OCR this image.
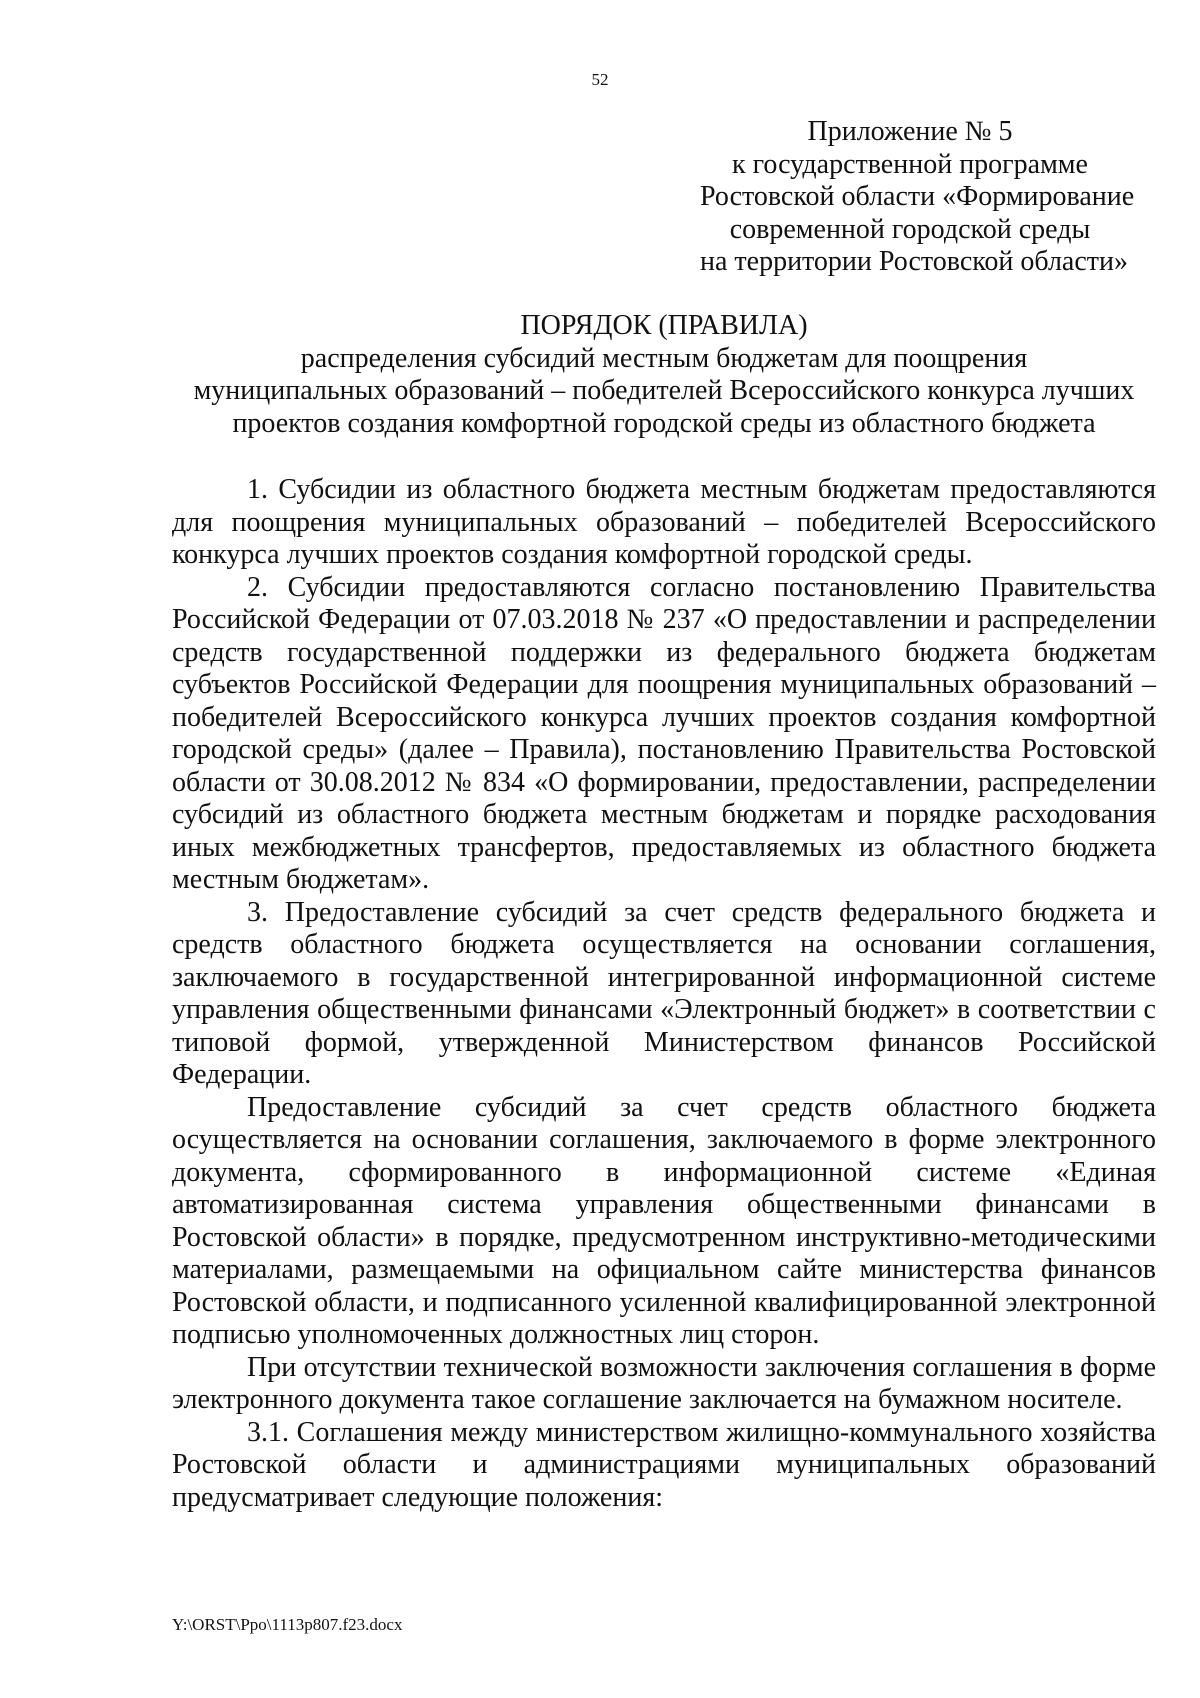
52
Приложение № 5
к государственной программе
Ростовской области «Формирование
современной городской среды
на территории Ростовской области»
ПОРЯДОК (ПРАВИЛА)
распределения субсидий местным бюджетам для поощрения
муниципальных образований – победителей Всероссийского конкурса лучших
проектов создания комфортной городской среды из областного бюджета

1. Субсидии из областного бюджета местным бюджетам предоставляются для поощрения муниципальных образований – победителей Всероссийского конкурса лучших проектов создания комфортной городской среды.

2. Субсидии предоставляются согласно постановлению Правительства Российской Федерации от 07.03.2018 № 237 «О предоставлении и распределении средств государственной поддержки из федерального бюджета бюджетам субъектов Российской Федерации для поощрения муниципальных образований – победителей Всероссийского конкурса лучших проектов создания комфортной городской среды» (далее – Правила), постановлению Правительства Ростовской области от 30.08.2012 № 834 «О формировании, предоставлении, распределении субсидий из областного бюджета местным бюджетам и порядке расходования иных межбюджетных трансфертов, предоставляемых из областного бюджета местным бюджетам».

3. Предоставление субсидий за счет средств федерального бюджета и средств областного бюджета осуществляется на основании соглашения, заключаемого в государственной интегрированной информационной системе управления общественными финансами «Электронный бюджет» в соответствии с типовой формой, утвержденной Министерством финансов Российской Федерации.

Предоставление субсидий за счет средств областного бюджета осуществляется на основании соглашения, заключаемого в форме электронного документа, сформированного в информационной системе «Единая автоматизированная система управления общественными финансами в Ростовской области» в порядке, предусмотренном инструктивно-методическими материалами, размещаемыми на официальном сайте министерства финансов Ростовской области, и подписанного усиленной квалифицированной электронной подписью уполномоченных должностных лиц сторон.

При отсутствии технической возможности заключения соглашения в форме электронного документа такое соглашение заключается на бумажном носителе.

3.1. Соглашения между министерством жилищно-коммунального хозяйства Ростовской области и администрациями муниципальных образований предусматривает следующие положения:

Y:\ORST\Ppo\1113p807.f23.docx
